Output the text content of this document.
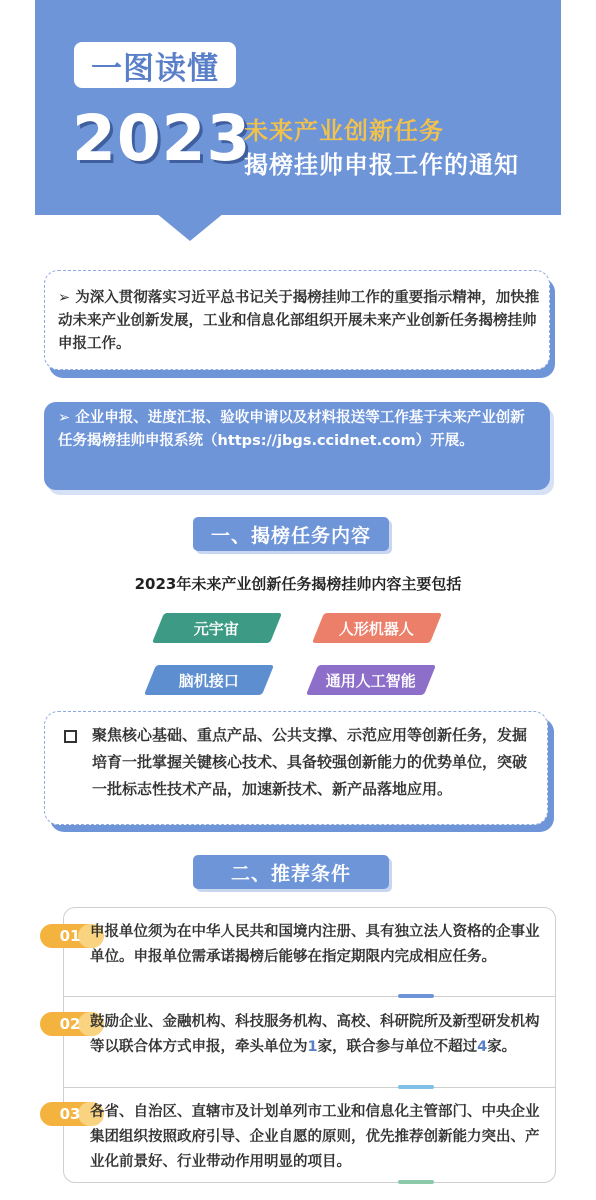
一图读懂
2023
未来产业创新任务
揭榜挂帅申报工作的通知
➢ 为深入贯彻落实习近平总书记关于揭榜挂帅工作的重要指示精神，加快推动未来产业创新发展，工业和信息化部组织开展未来产业创新任务揭榜挂帅申报工作。
➢ 企业申报、进度汇报、验收申请以及材料报送等工作基于未来产业创新任务揭榜挂帅申报系统（https://jbgs.ccidnet.com）开展。
一、揭榜任务内容
2023年未来产业创新任务揭榜挂帅内容主要包括
元宇宙	人形机器人
脑机接口	通用人工智能
聚焦核心基础、重点产品、公共支撑、示范应用等创新任务，发掘培育一批掌握关键核心技术、具备较强创新能力的优势单位，突破一批标志性技术产品，加速新技术、新产品落地应用。
二、推荐条件
01 申报单位须为在中华人民共和国境内注册、具有独立法人资格的企事业单位。申报单位需承诺揭榜后能够在指定期限内完成相应任务。
02 鼓励企业、金融机构、科技服务机构、高校、科研院所及新型研发机构等以联合体方式申报，牵头单位为1家，联合参与单位不超过4家。
03 各省、自治区、直辖市及计划单列市工业和信息化主管部门、中央企业集团组织按照政府引导、企业自愿的原则，优先推荐创新能力突出、产业化前景好、行业带动作用明显的项目。
